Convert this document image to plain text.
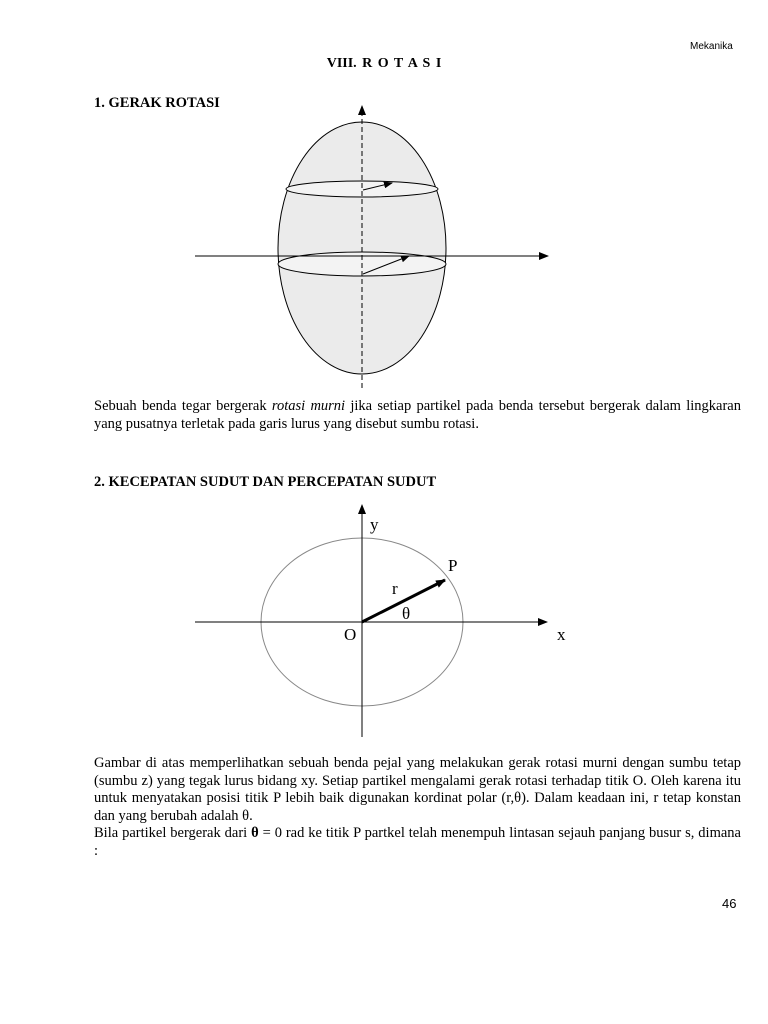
Mekanika
VIII. R O T A S I
1. GERAK ROTASI

Sebuah benda tegar bergerak rotasi murni jika setiap partikel pada benda tersebut bergerak dalam lingkaran yang pusatnya terletak pada garis lurus yang disebut sumbu rotasi.

2. KECEPATAN SUDUT DAN PERCEPATAN SUDUT
y
P
r
θ
O	x

Gambar di atas memperlihatkan sebuah benda pejal yang melakukan gerak rotasi murni dengan sumbu tetap (sumbu z) yang tegak lurus bidang xy. Setiap partikel mengalami gerak rotasi terhadap titik O. Oleh karena itu untuk menyatakan posisi titik P lebih baik digunakan kordinat polar (r,θ). Dalam keadaan ini, r tetap konstan dan yang berubah adalah θ.

Bila partikel bergerak dari θ = 0 rad ke titik P partkel telah menempuh lintasan sejauh panjang busur s, dimana :

46
